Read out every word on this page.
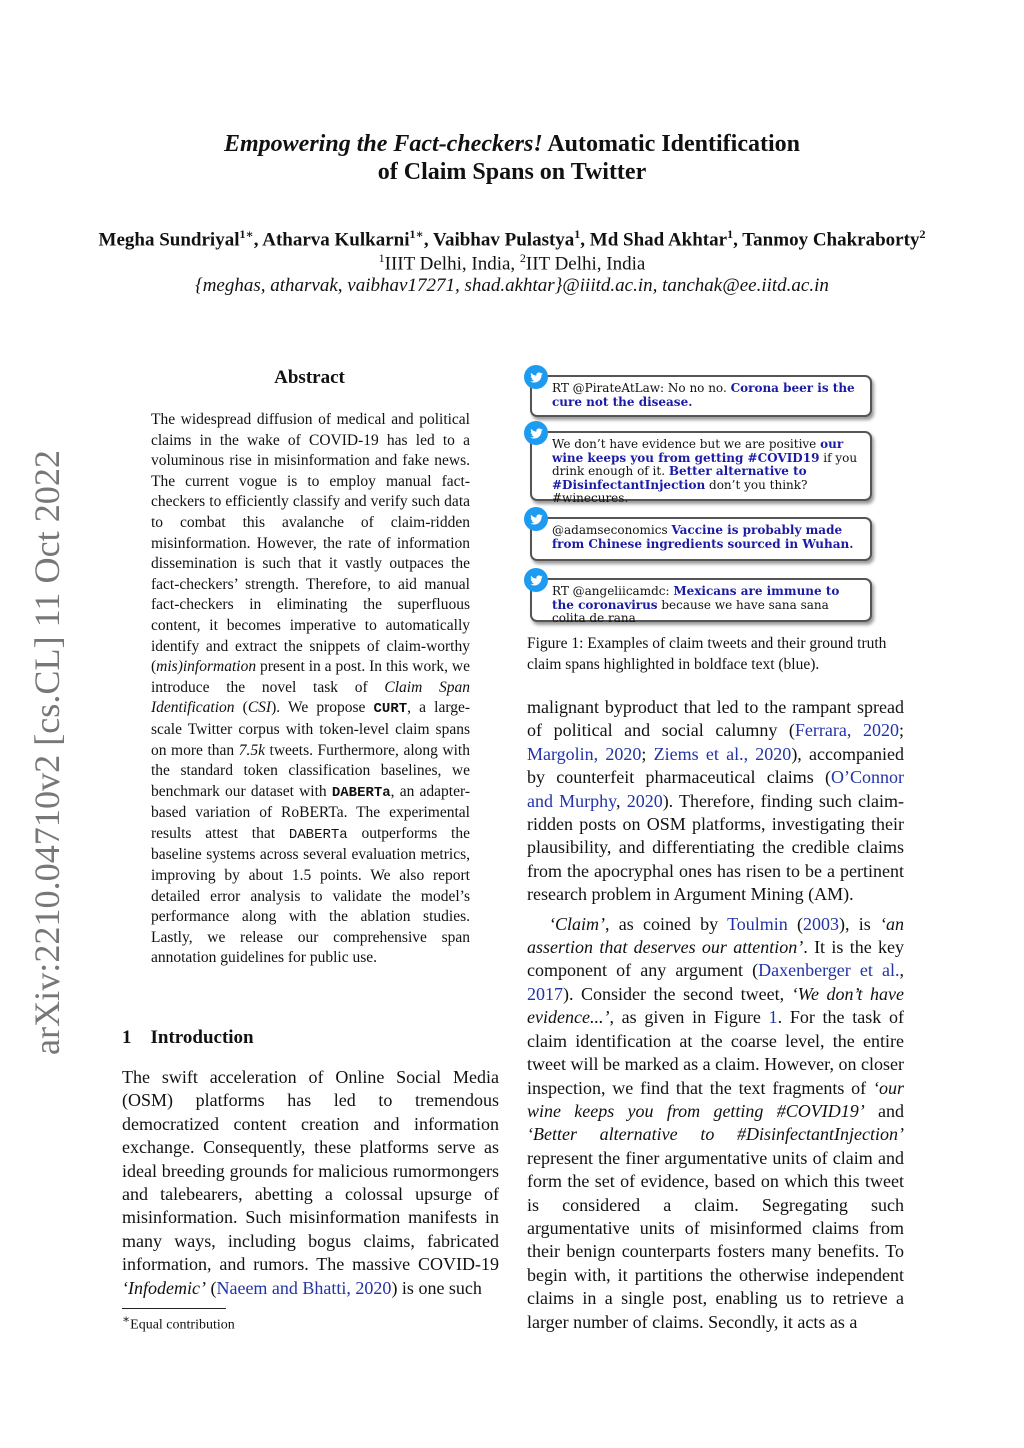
arXiv:2210.04710v2 [cs.CL] 11 Oct 2022
Empowering the Fact-checkers! Automatic Identification
of Claim Spans on Twitter
Megha Sundriyal$^{1∗}$, Atharva Kulkarni$^{1∗}$, Vaibhav Pulastya$^1$, Md Shad Akhtar$^1$, Tanmoy Chakraborty$^2$
$^1$IIIT Delhi, India, $^2$IIT Delhi, India
{meghas, atharvak, vaibhav17271, shad.akhtar}@iiitd.ac.in, tanchak@ee.iitd.ac.in
Abstract
The widespread diffusion of medical and political claims in the wake of COVID-19 has led to a voluminous rise in misinformation and fake news. The current vogue is to employ manual fact-checkers to efficiently classify and verify such data to combat this avalanche of claim-ridden misinformation. However, the rate of information dissemination is such that it vastly outpaces the fact-checkers’ strength. Therefore, to aid manual fact-checkers in eliminating the superfluous content, it becomes imperative to automatically identify and extract the snippets of claim-worthy (mis)information present in a post. In this work, we introduce the novel task of Claim Span Identification (CSI). We propose CURT, a large-scale Twitter corpus with token-level claim spans on more than 7.5k tweets. Furthermore, along with the standard token classification baselines, we benchmark our dataset with DABERTa, an adapter-based variation of RoBERTa. The experimental results attest that DABERTa outperforms the baseline systems across several evaluation metrics, improving by about 1.5 points. We also report detailed error analysis to validate the model’s performance along with the ablation studies. Lastly, we release our comprehensive span annotation guidelines for public use.
1 Introduction
The swift acceleration of Online Social Media (OSM) platforms has led to tremendous democratized content creation and information exchange. Consequently, these platforms serve as ideal breeding grounds for malicious rumormongers and talebearers, abetting a colossal upsurge of misinformation. Such misinformation manifests in many ways, including bogus claims, fabricated information, and rumors. The massive COVID-19 ‘Infodemic’ (Naeem and Bhatti, 2020) is one such
∗Equal contribution
RT @PirateAtLaw: No no no. Corona beer is the cure not the disease.
We don’t have evidence but we are positive our wine keeps you from getting #COVID19 if you drink enough of it. Better alternative to #DisinfectantInjection don’t you think? #winecures.
@adamseconomics Vaccine is probably made from Chinese ingredients sourced in Wuhan.
RT @angeliicamdc: Mexicans are immune to the coronavirus because we have sana sana colita de rana
Figure 1: Examples of claim tweets and their ground truth claim spans highlighted in boldface text (blue).

malignant byproduct that led to the rampant spread of political and social calumny (Ferrara, 2020; Margolin, 2020; Ziems et al., 2020), accompanied by counterfeit pharmaceutical claims (O’Connor and Murphy, 2020). Therefore, finding such claim-ridden posts on OSM platforms, investigating their plausibility, and differentiating the credible claims from the apocryphal ones has risen to be a pertinent research problem in Argument Mining (AM).

‘Claim’, as coined by Toulmin (2003), is ‘an assertion that deserves our attention’. It is the key component of any argument (Daxenberger et al., 2017). Consider the second tweet, ‘We don’t have evidence...’, as given in Figure 1. For the task of claim identification at the coarse level, the entire tweet will be marked as a claim. However, on closer inspection, we find that the text fragments of ‘our wine keeps you from getting #COVID19’ and ‘Better alternative to #DisinfectantInjection’ represent the finer argumentative units of claim and form the set of evidence, based on which this tweet is considered a claim. Segregating such argumentative units of misinformed claims from their benign counterparts fosters many benefits. To begin with, it partitions the otherwise independent claims in a single post, enabling us to retrieve a larger number of claims. Secondly, it acts as a
